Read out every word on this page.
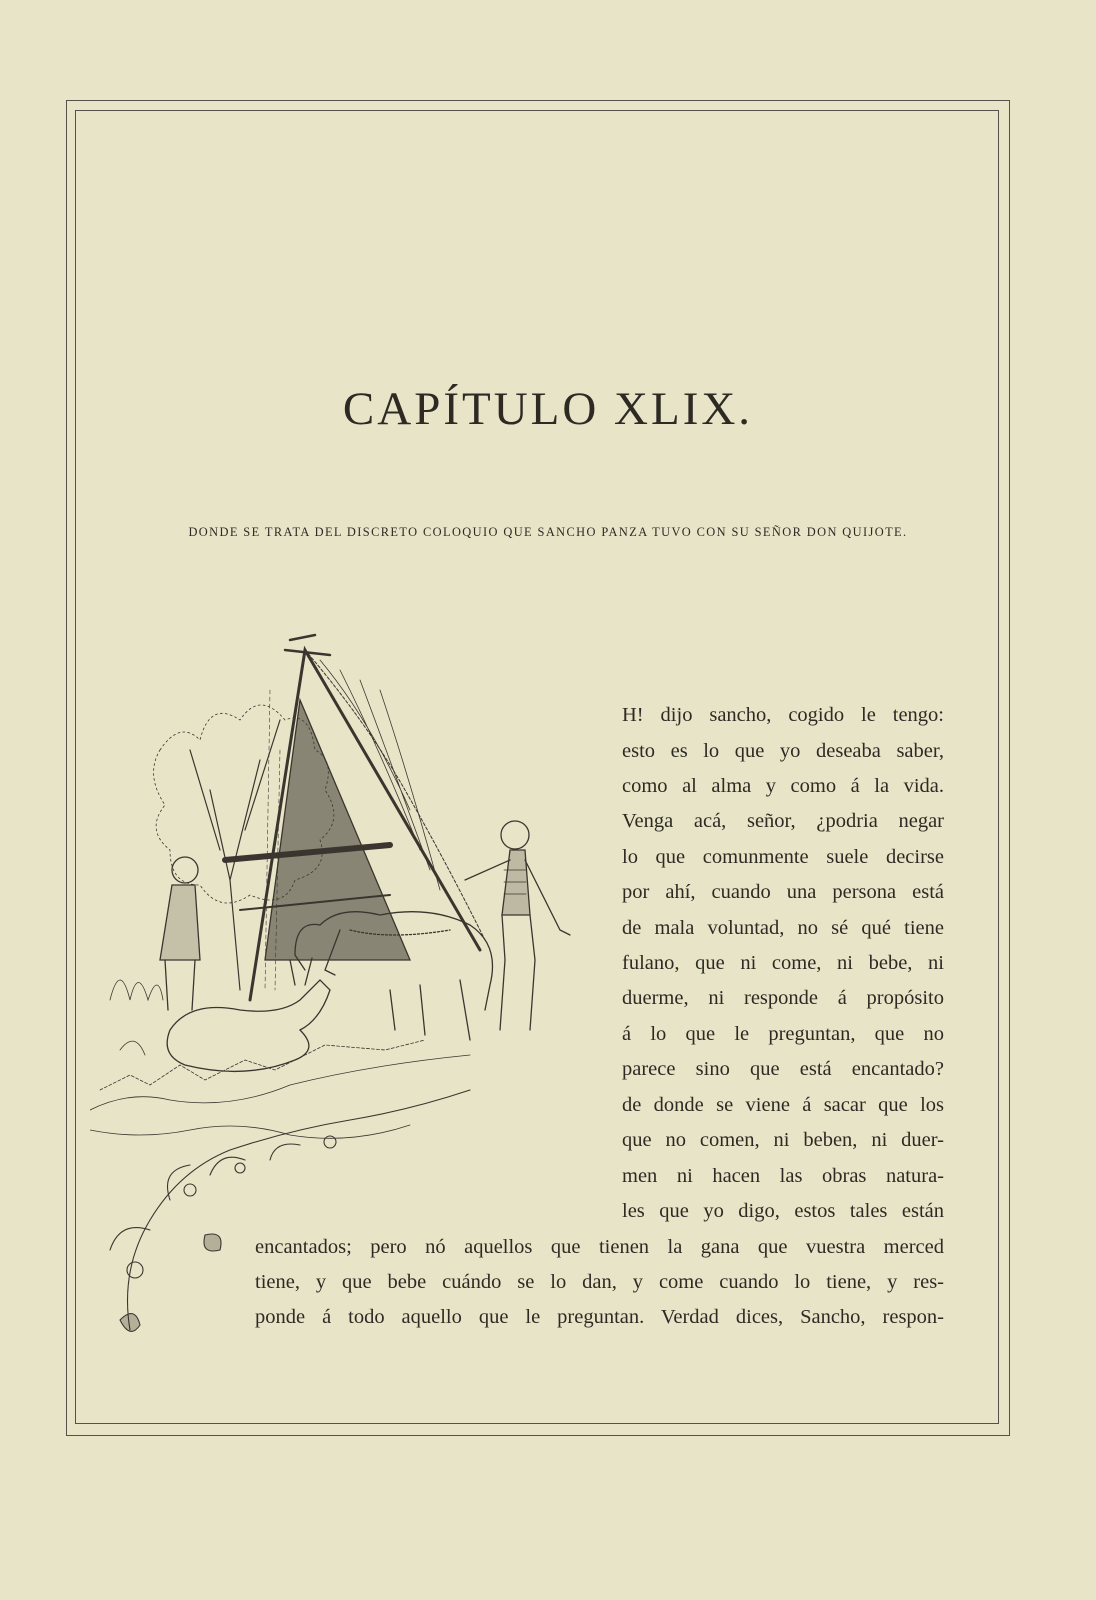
CAPÍTULO XLIX.
DONDE SE TRATA DEL DISCRETO COLOQUIO QUE SANCHO PANZA TUVO CON SU SEÑOR DON QUIJOTE.
H! dijo sancho, cogido le tengo:
esto es lo que yo deseaba saber,
como al alma y como á la vida.
Venga acá, señor, ¿podria negar
lo que comunmente suele decirse
por ahí, cuando una persona está
de mala voluntad, no sé qué tiene
fulano, que ni come, ni bebe, ni
duerme, ni responde á propósito
á lo que le preguntan, que no
parece sino que está encantado?
de donde se viene á sacar que los
que no comen, ni beben, ni duer-
men ni hacen las obras natura-
les que yo digo, estos tales están
encantados; pero nó aquellos que tienen la gana que vuestra merced
tiene, y que bebe cuándo se lo dan, y come cuando lo tiene, y res-
ponde á todo aquello que le preguntan. Verdad dices, Sancho, respon-
